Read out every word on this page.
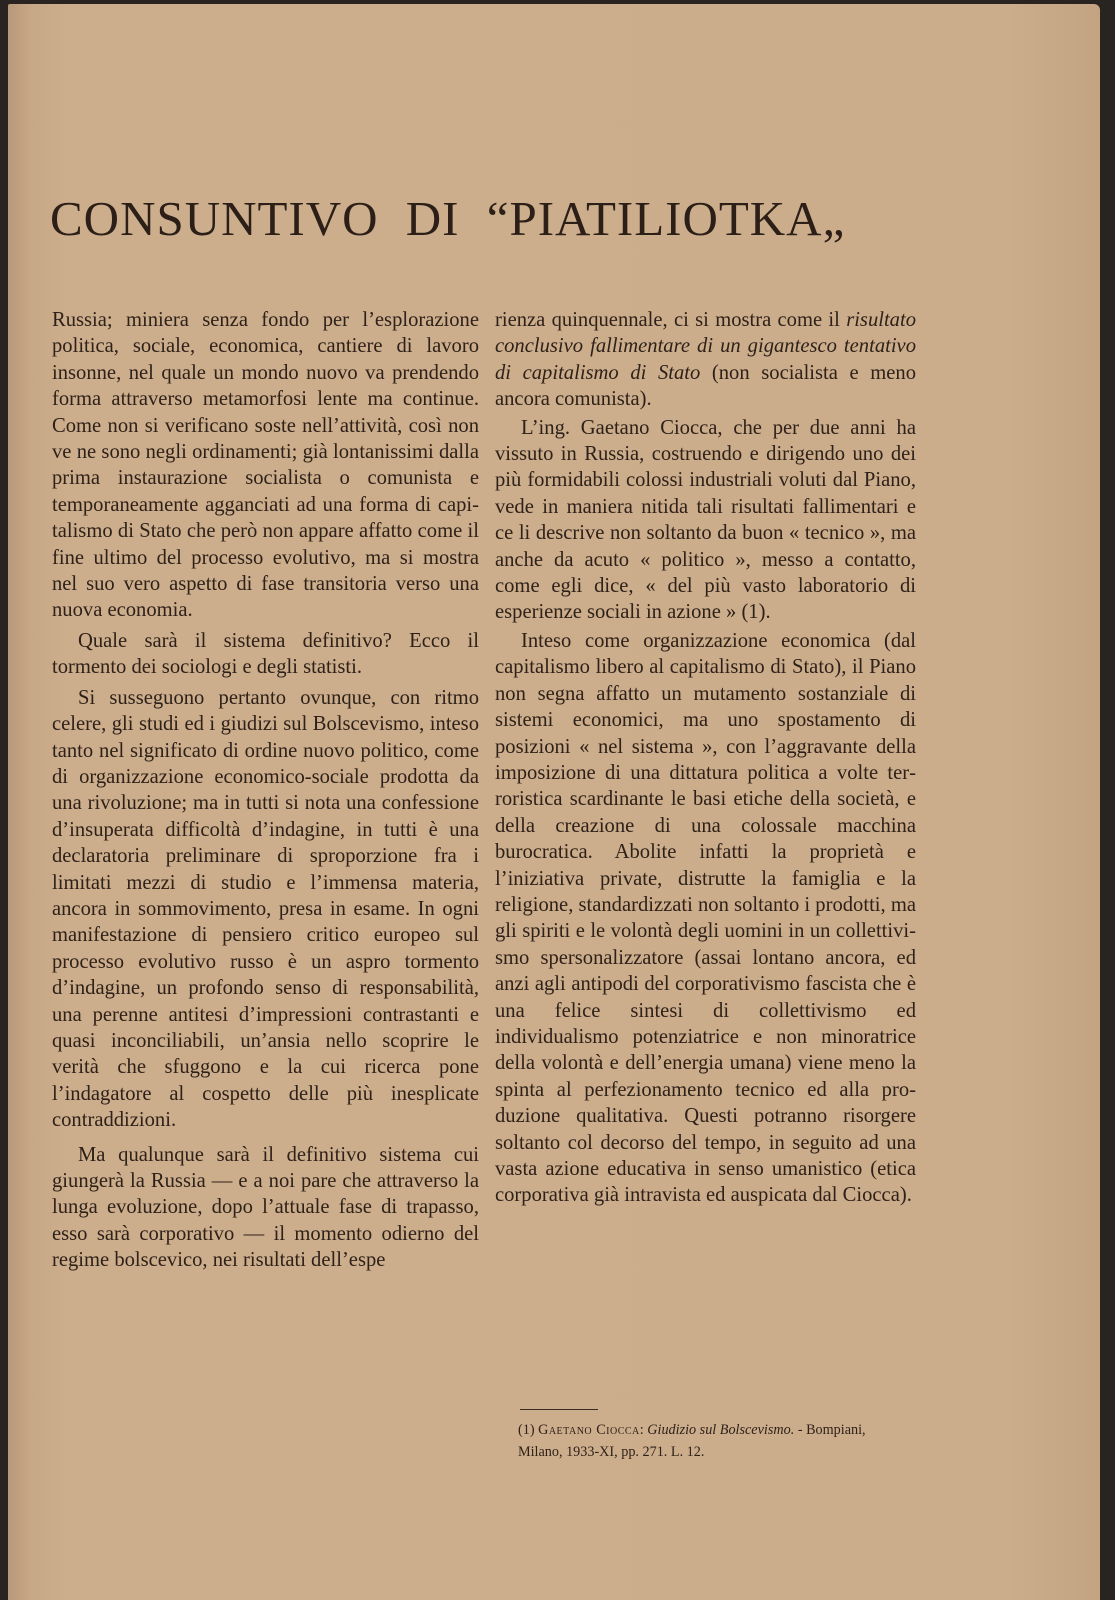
CONSUNTIVO DI “PIATILIOTKA„

Russia; miniera senza fondo per l’esplorazione politica, sociale, economica, cantiere di lavoro insonne, nel quale un mondo nuovo va prendendo forma attraverso metamorfosi lente ma continue. Come non si verificano soste nell’attività, così non ve ne sono negli ordinamenti; già lontanissimi dalla prima instaurazione socialista o comunista e temporaneamente agganciati ad una forma di capitalismo di Stato che però non appare affatto come il fine ultimo del processo evolutivo, ma si mostra nel suo vero aspetto di fase transitoria verso una nuova economia.

Quale sarà il sistema definitivo? Ecco il tormento dei sociologi e degli statisti.

Si susseguono pertanto ovunque, con ritmo celere, gli studi ed i giudizi sul Bolscevismo, inteso tanto nel significato di ordine nuovo politico, come di organizzazione economico-sociale prodotta da una rivoluzione; ma in tutti si nota una confessione d’insuperata difficoltà d’indagine, in tutti è una declaratoria preliminare di sproporzione fra i limitati mezzi di studio e l’immensa materia, ancora in sommovimento, presa in esame. In ogni manifestazione di pensiero critico europeo sul processo evolutivo russo è un aspro tormento d’indagine, un profondo senso di responsabilità, una perenne antitesi d’impressioni contrastanti e quasi inconciliabili, un’ansia nello scoprire le verità che sfuggono e la cui ricerca pone l’indagatore al cospetto delle più inesplicate contraddizioni.

Ma qualunque sarà il definitivo sistema cui giungerà la Russia — e a noi pare che attraverso la lunga evoluzione, dopo l’attuale fase di trapasso, esso sarà corporativo — il momento odierno del regime bolscevico, nei risultati dell’espe

rienza quinquennale, ci si mostra come il risultato conclusivo fallimentare di un gigantesco tentativo di capitalismo di Stato (non socialista e meno ancora comunista).

L’ing. Gaetano Ciocca, che per due anni ha vissuto in Russia, costruendo e dirigendo uno dei più formidabili colossi industriali voluti dal Piano, vede in maniera nitida tali risultati fallimentari e ce li descrive non soltanto da buon « tecnico », ma anche da acuto « politico », messo a contatto, come egli dice, « del più vasto laboratorio di esperienze sociali in azione » (1).

Inteso come organizzazione economica (dal capitalismo libero al capitalismo di Stato), il Piano non segna affatto un mutamento sostanziale di sistemi economici, ma uno spostamento di posizioni « nel sistema », con l’aggravante della imposizione di una dittatura politica a volte terroristica scardinante le basi etiche della società, e della creazione di una colossale macchina burocratica. Abolite infatti la proprietà e l’iniziativa private, distrutte la famiglia e la religione, standardizzati non soltanto i prodotti, ma gli spiriti e le volontà degli uomini in un collettivismo spersonalizzatore (assai lontano ancora, ed anzi agli antipodi del corporativismo fascista che è una felice sintesi di collettivismo ed individualismo potenziatrice e non minoratrice della volontà e dell’energia umana) viene meno la spinta al perfezionamento tecnico ed alla produzione qualitativa. Questi potranno risorgere soltanto col decorso del tempo, in seguito ad una vasta azione educativa in senso umanistico (etica corporativa già intravista ed auspicata dal Ciocca).

(1) Gaetano Ciocca: Giudizio sul Bolscevismo. - Bompiani, Milano, 1933-XI, pp. 271. L. 12.
